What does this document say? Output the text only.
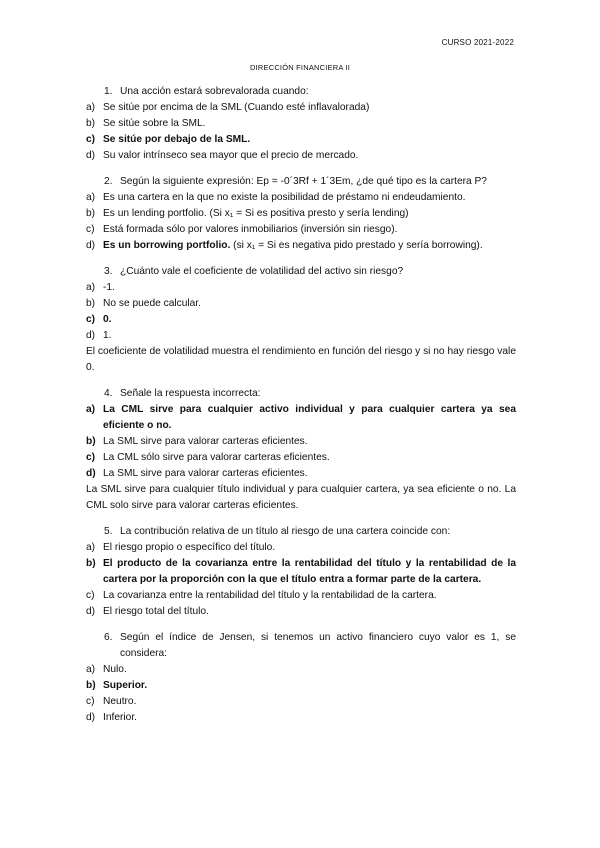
CURSO 2021-2022
DIRECCIÓN FINANCIERA II
1. Una acción estará sobrevalorada cuando:
a) Se sitúe por encima de la SML (Cuando esté inflavalorada)
b) Se sitúe sobre la SML.
c) Se sitúe por debajo de la SML.
d) Su valor intrínseco sea mayor que el precio de mercado.
2. Según la siguiente expresión: Ep = -0´3Rf + 1´3Em, ¿de qué tipo es la cartera P?
a) Es una cartera en la que no existe la posibilidad de préstamo ni endeudamiento.
b) Es un lending portfolio. (Si x₁ = Si es positiva presto y sería lending)
c) Está formada sólo por valores inmobiliarios (inversión sin riesgo).
d) Es un borrowing portfolio. (si x₁ = Si es negativa pido prestado y sería borrowing).
3. ¿Cuánto vale el coeficiente de volatilidad del activo sin riesgo?
a) -1.
b) No se puede calcular.
c) 0.
d) 1.
El coeficiente de volatilidad muestra el rendimiento en función del riesgo y si no hay riesgo vale 0.
4. Señale la respuesta incorrecta:
a) La CML sirve para cualquier activo individual y para cualquier cartera ya sea eficiente o no.
b) La SML sirve para valorar carteras eficientes.
c) La CML sólo sirve para valorar carteras eficientes.
d) La SML sirve para valorar carteras eficientes.
La SML sirve para cualquier título individual y para cualquier cartera, ya sea eficiente o no. La CML solo sirve para valorar carteras eficientes.
5. La contribución relativa de un título al riesgo de una cartera coincide con:
a) El riesgo propio o específico del título.
b) El producto de la covarianza entre la rentabilidad del título y la rentabilidad de la cartera por la proporción con la que el título entra a formar parte de la cartera.
c) La covarianza entre la rentabilidad del título y la rentabilidad de la cartera.
d) El riesgo total del título.
6. Según el índice de Jensen, si tenemos un activo financiero cuyo valor es 1, se considera:
a) Nulo.
b) Superior.
c) Neutro.
d) Inferior.
